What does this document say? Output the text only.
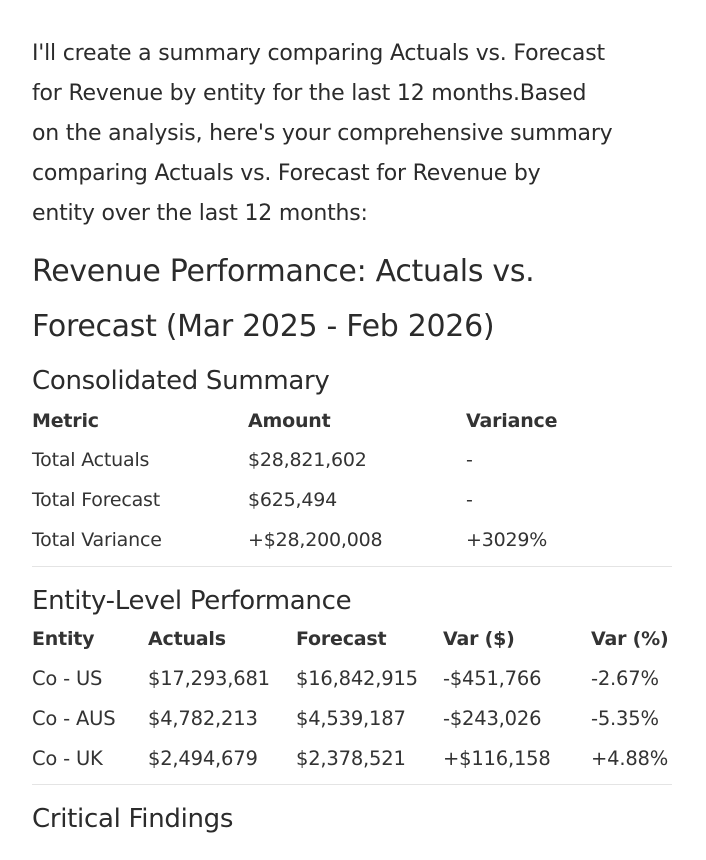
I'll create a summary comparing Actuals vs. Forecast
for Revenue by entity for the last 12 months.Based
on the analysis, here's your comprehensive summary
comparing Actuals vs. Forecast for Revenue by
entity over the last 12 months:

Revenue Performance: Actuals vs.
Forecast (Mar 2025 - Feb 2026)
Consolidated Summary
Metric	Amount	Variance
Total Actuals	$28,821,602	-
Total Forecast	$625,494	-
Total Variance	+$28,200,008	+3029%
Entity-Level Performance
Entity	Actuals	Forecast	Var ($)	Var (%)
Co - US	$17,293,681	$16,842,915	-$451,766	-2.67%
Co - AUS	$4,782,213	$4,539,187	-$243,026	-5.35%
Co - UK	$2,494,679	$2,378,521	+$116,158	+4.88%
Critical Findings
